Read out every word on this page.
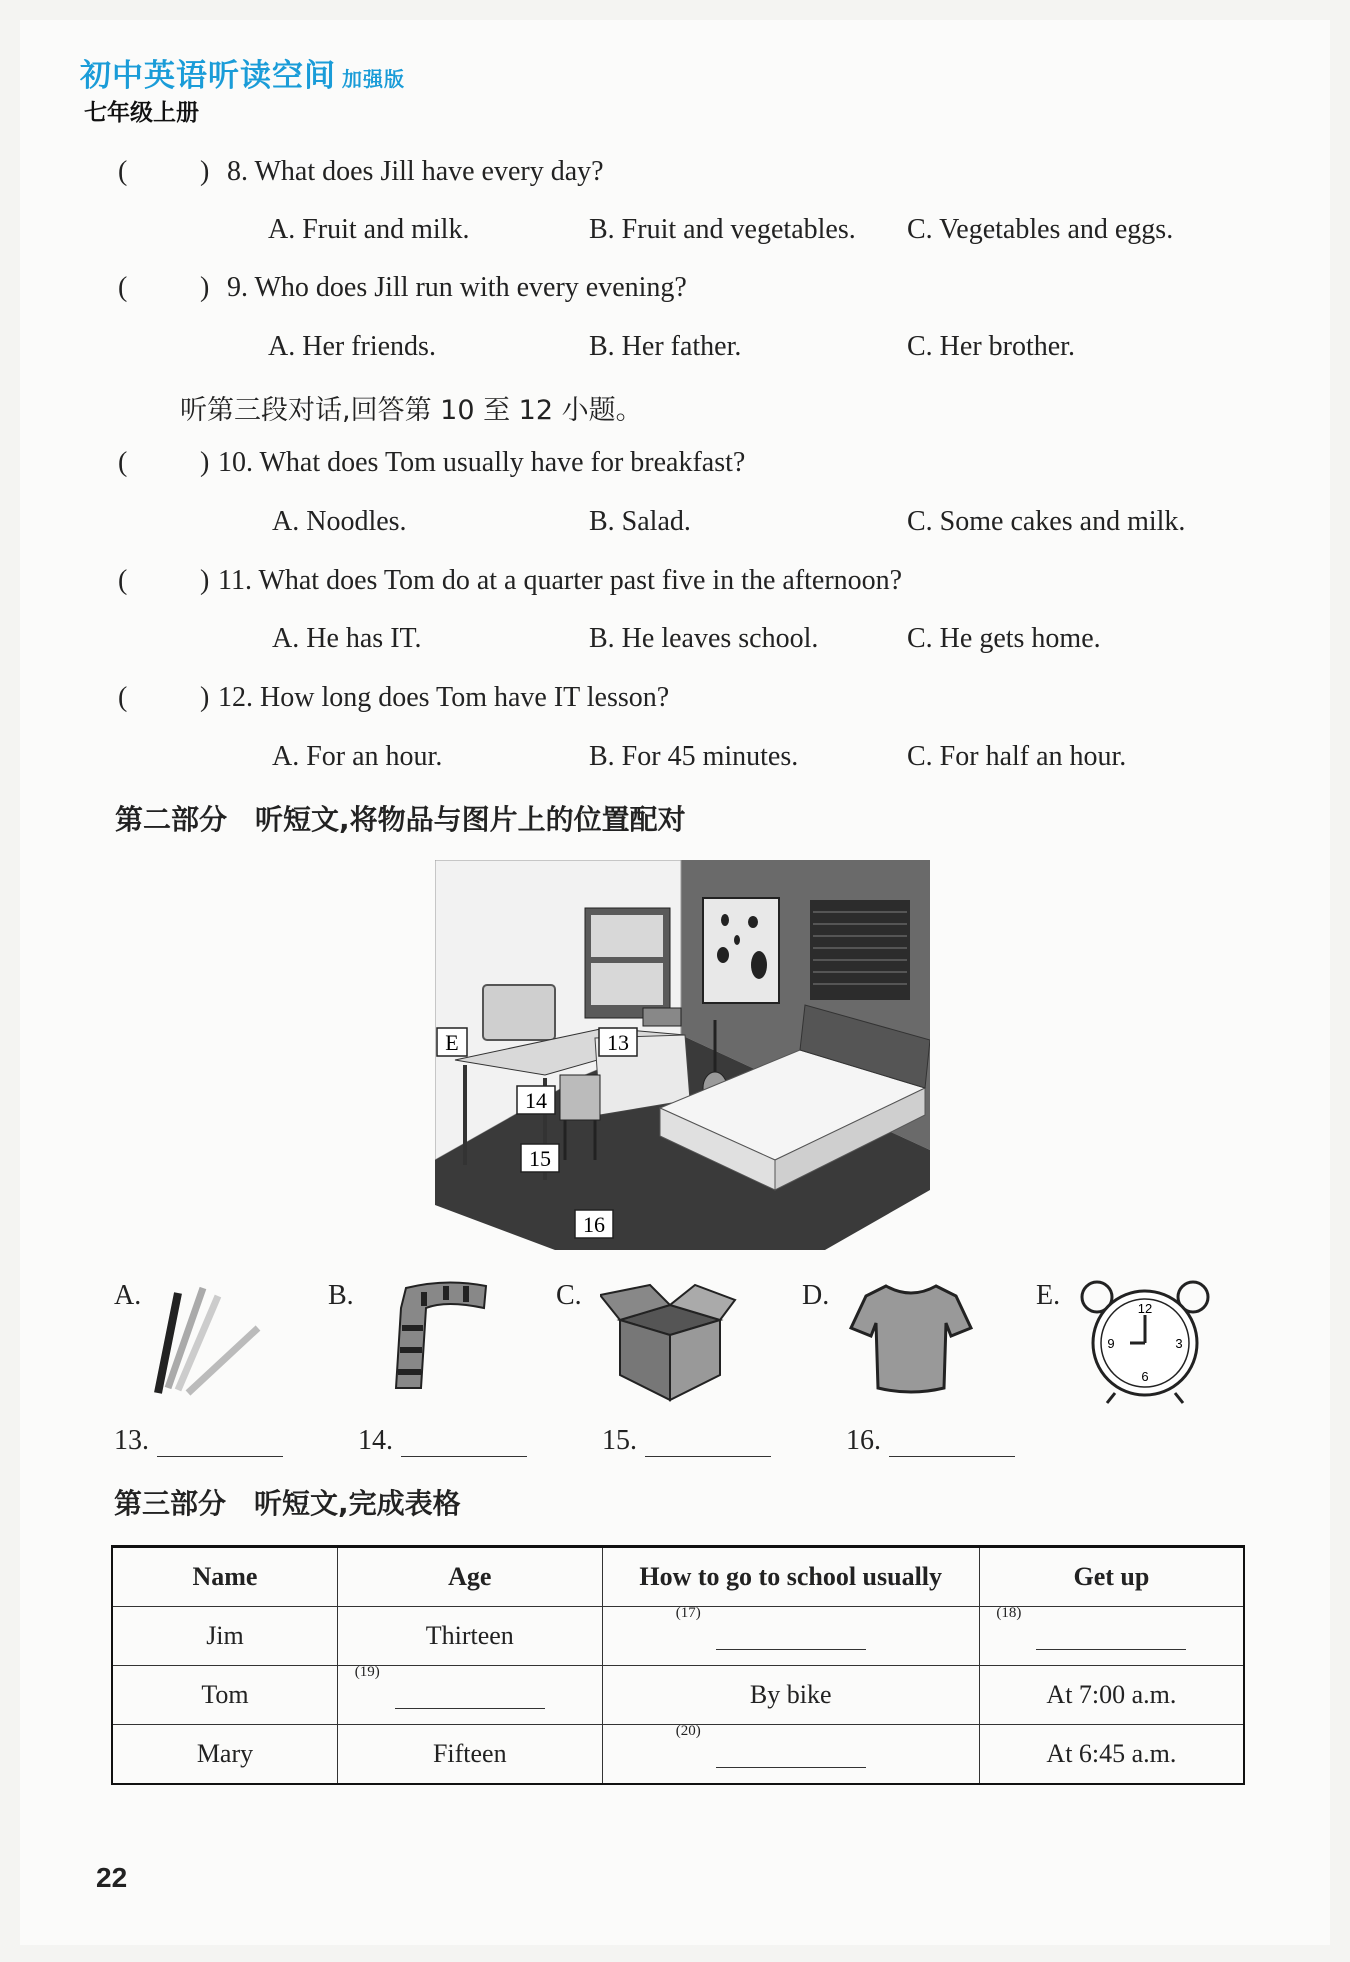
初中英语听读空间 加强版
七年级上册
(	) 8. What does Jill have every day?
A. Fruit and milk.	B. Fruit and vegetables. C. Vegetables and eggs.
(	) 9. Who does Jill run with every evening?
A. Her friends.	B. Her father.	C. Her brother.
听第三段对话,回答第 10 至 12 小题。
(	) 10. What does Tom usually have for breakfast?
A. Noodles.	B. Salad.	C. Some cakes and milk.
(	) 11. What does Tom do at a quarter past five in the afternoon?
A. He has IT.	B. He leaves school.	C. He gets home.
(	) 12. How long does Tom have IT lesson?
A. For an hour.	B. For 45 minutes.	C. For half an hour.
第二部分　听短文,将物品与图片上的位置配对
E	13
14
15
16
A.	B.	C.	D.	E.	12
3
6
9
13.	14.	15.	16.
第三部分　听短文,完成表格
Name	Age	How to go to school usually	Get up
Jim	Thirteen	(17)	(18)

Tom	(19)	By bike	At 7:00 a.m.
Mary	Fifteen	(20)	At 6:45 a.m.
22
